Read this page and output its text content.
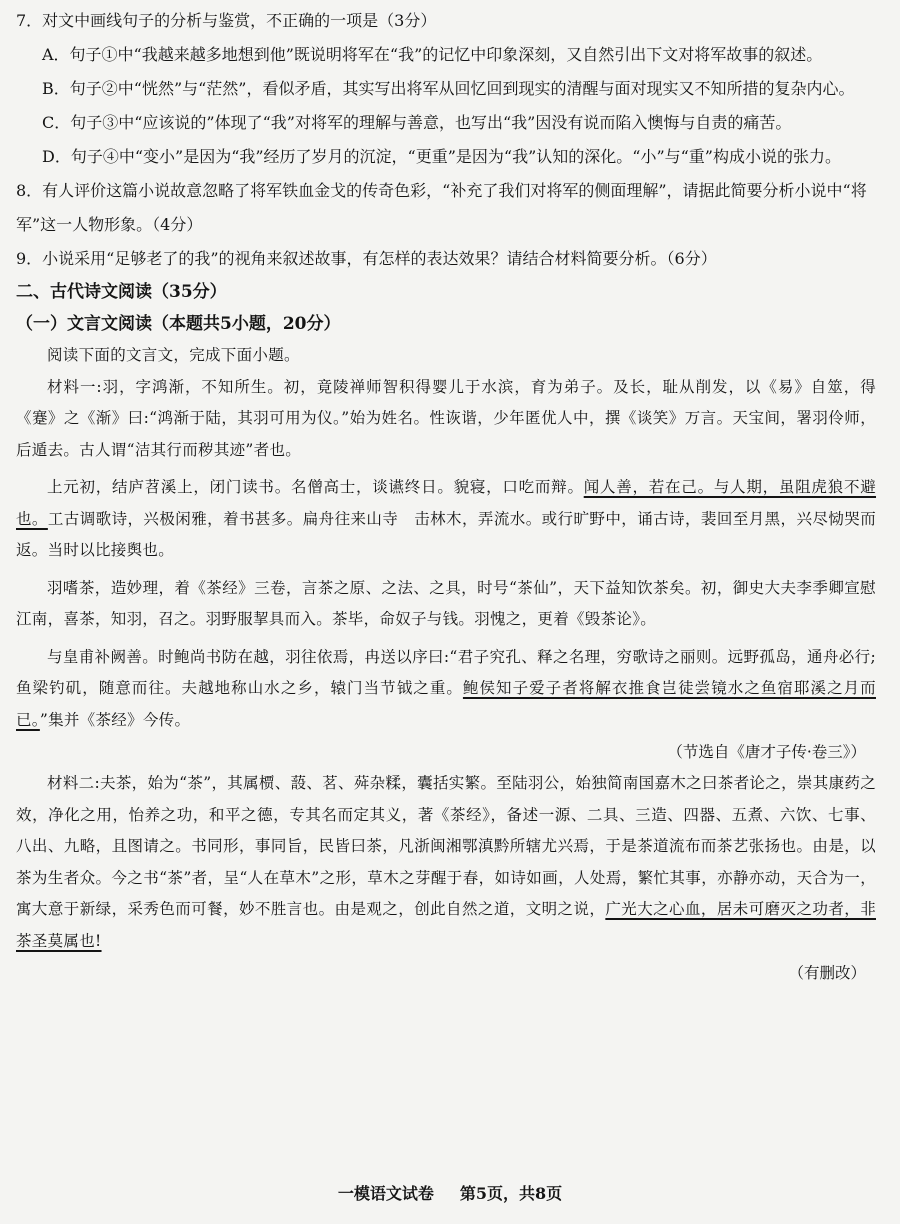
7．对文中画线句子的分析与鉴赏，不正确的一项是（3分）

A．句子①中“我越来越多地想到他”既说明将军在“我”的记忆中印象深刻，又自然引出下文对将军故事的叙述。

B．句子②中“恍然”与“茫然”，看似矛盾，其实写出将军从回忆回到现实的清醒与面对现实又不知所措的复杂内心。

C．句子③中“应该说的”体现了“我”对将军的理解与善意，也写出“我”因没有说而陷入懊悔与自责的痛苦。

D．句子④中“变小”是因为“我”经历了岁月的沉淀，“更重”是因为“我”认知的深化。“小”与“重”构成小说的张力。

8．有人评价这篇小说故意忽略了将军铁血金戈的传奇色彩，“补充了我们对将军的侧面理解”，请据此简要分析小说中“将军”这一人物形象。（4分）

9．小说采用“足够老了的我”的视角来叙述故事，有怎样的表达效果？请结合材料简要分析。（6分）

二、古代诗文阅读（35分）

（一）文言文阅读（本题共5小题，20分）

阅读下面的文言文，完成下面小题。

材料一:羽，字鸿渐，不知所生。初，竟陵禅师智积得婴儿于水滨，育为弟子。及长，耻从削发，以《易》自筮，得《蹇》之《渐》曰:“鸿渐于陆，其羽可用为仪。”始为姓名。性诙谐，少年匿优人中，撰《谈笑》万言。天宝间，署羽伶师，后遁去。古人谓“洁其行而秽其迹”者也。

上元初，结庐苕溪上，闭门读书。名僧高士，谈䜩终日。貌寝，口吃而辩。闻人善，若在己。与人期，虽阻虎狼不避也。工古调歌诗，兴极闲雅，着书甚多。扁舟往来山寺　击林木，弄流水。或行旷野中，诵古诗，裴回至月黑，兴尽恸哭而返。当时以比接舆也。

羽嗜茶，造妙理，着《茶经》三卷，言茶之原、之法、之具，时号“茶仙”，天下益知饮茶矣。初，御史大夫李季卿宣慰江南，喜茶，知羽，召之。羽野服挈具而入。茶毕，命奴子与钱。羽愧之，更着《毁茶论》。

与皇甫补阙善。时鲍尚书防在越，羽往依焉，冉送以序曰:“君子究孔、释之名理，穷歌诗之丽则。远野孤岛，通舟必行;鱼梁钓矶，随意而往。夫越地称山水之乡，辕门当节钺之重。鲍侯知子爱子者将解衣推食岂徒尝镜水之鱼宿耶溪之月而已。”集并《茶经》今传。

（节选自《唐才子传·卷三》）

材料二:夫茶，始为“茶”，其属槚、蔎、茗、荈杂糅，囊括实繁。至陆羽公，始独简南国嘉木之曰茶者论之，崇其康药之效，净化之用，怡养之功，和平之德，专其名而定其义，著《茶经》，备述一源、二具、三造、四器、五煮、六饮、七事、八出、九略，且图请之。书同形，事同旨，民皆曰茶，凡浙闽湘鄂滇黔所辖尤兴焉，于是茶道流布而茶艺张扬也。由是，以茶为生者众。今之书“茶”者，呈“人在草木”之形，草木之芽醒于春，如诗如画，人处焉，繁忙其事，亦静亦动，天合为一，寓大意于新绿，采秀色而可餐，妙不胜言也。由是观之，创此自然之道，文明之说，广光大之心血，居未可磨灭之功者，非茶圣莫属也!

（有删改）

一模语文试卷 第5页，共8页
